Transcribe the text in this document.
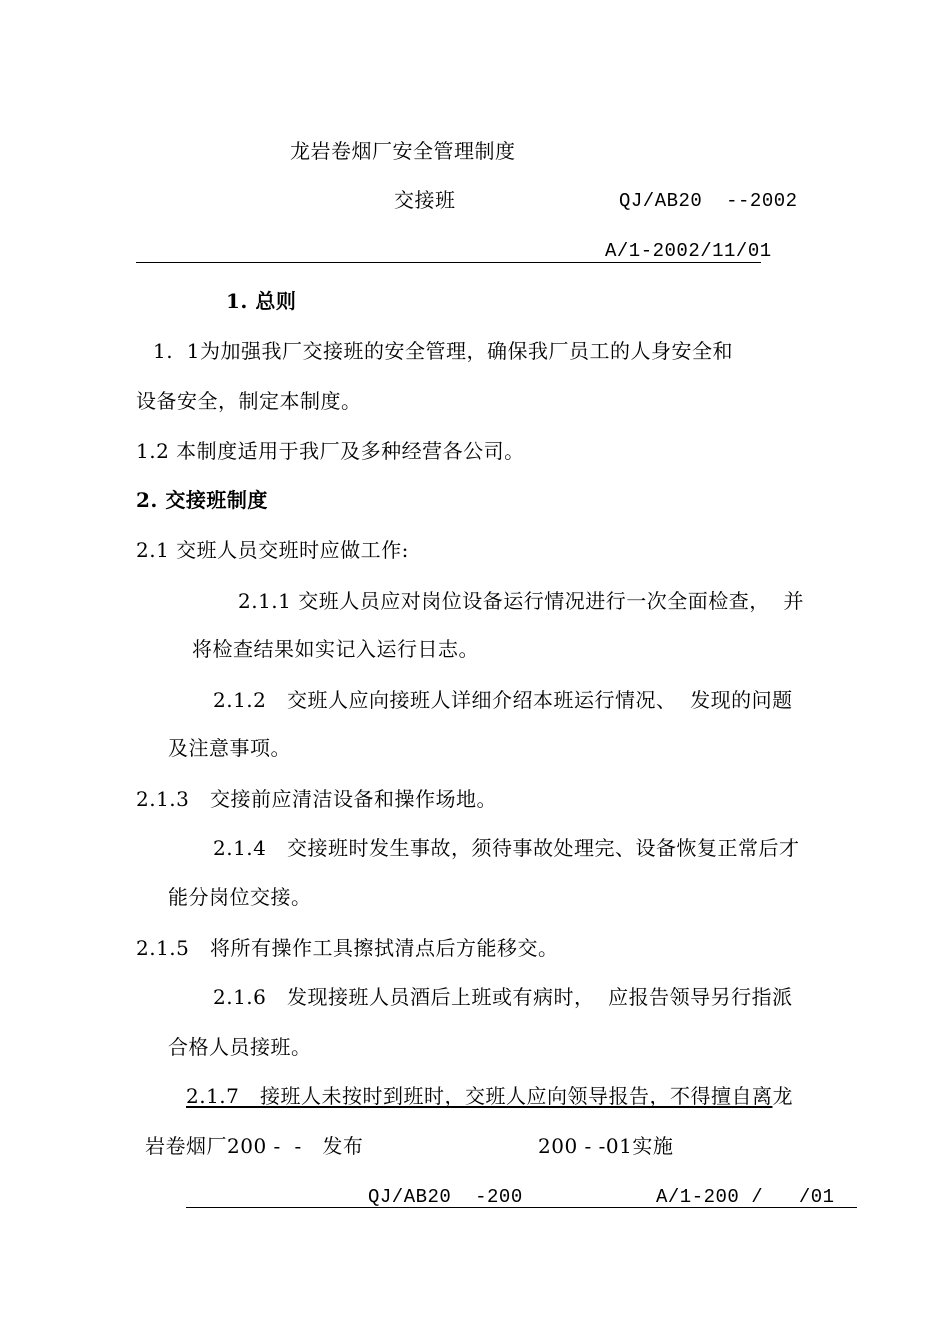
龙岩卷烟厂安全管理制度
交接班	QJ/AB20  --2002
A/1-2002/11/01
1. 总则
1.  1为加强我厂交接班的安全管理，确保我厂员工的人身安全和
设备安全，制定本制度。
1.2 本制度适用于我厂及多种经营各公司。
2. 交接班制度
2.1 交班人员交班时应做工作:
2.1.1 交班人员应对岗位设备运行情况进行一次全面检查，  并
将检查结果如实记入运行日志。
2.1.2   交班人应向接班人详细介绍本班运行情况、  发现的问题
及注意事项。
2.1.3   交接前应清洁设备和操作场地。
2.1.4   交接班时发生事故，须待事故处理完、设备恢复正常后才
能分岗位交接。
2.1.5   将所有操作工具擦拭清点后方能移交。
2.1.6   发现接班人员酒后上班或有病时，  应报告领导另行指派
合格人员接班。
2.1.7   接班人未按时到班时，交班人应向领导报告，不得擅自离龙
岩卷烟厂200 -  -   发布	200 - -01实施
QJ/AB20  -200	A/1-200 /   /01
